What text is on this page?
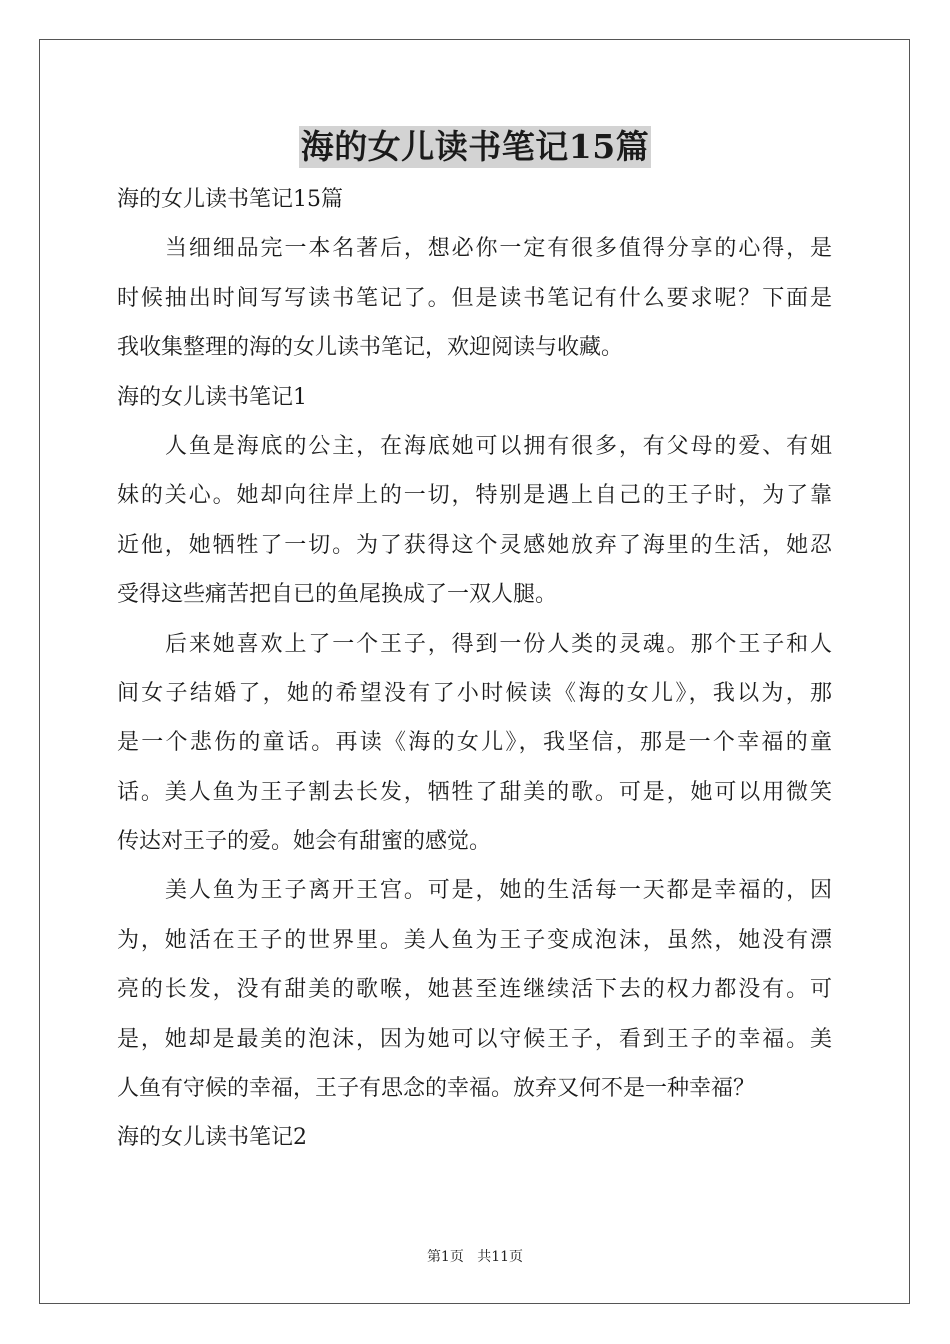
海的女儿读书笔记15篇
海的女儿读书笔记15篇
当细细品完一本名著后，想必你一定有很多值得分享的心得，是
时候抽出时间写写读书笔记了。但是读书笔记有什么要求呢？下面是
我收集整理的海的女儿读书笔记，欢迎阅读与收藏。
海的女儿读书笔记1
人鱼是海底的公主，在海底她可以拥有很多，有父母的爱、有姐
妹的关心。她却向往岸上的一切，特别是遇上自己的王子时，为了靠
近他，她牺牲了一切。为了获得这个灵感她放弃了海里的生活，她忍
受得这些痛苦把自已的鱼尾换成了一双人腿。
后来她喜欢上了一个王子，得到一份人类的灵魂。那个王子和人
间女子结婚了，她的希望没有了小时候读《海的女儿》，我以为，那
是一个悲伤的童话。再读《海的女儿》，我坚信，那是一个幸福的童
话。美人鱼为王子割去长发，牺牲了甜美的歌。可是，她可以用微笑
传达对王子的爱。她会有甜蜜的感觉。
美人鱼为王子离开王宫。可是，她的生活每一天都是幸福的，因
为，她活在王子的世界里。美人鱼为王子变成泡沫，虽然，她没有漂
亮的长发，没有甜美的歌喉，她甚至连继续活下去的权力都没有。可
是，她却是最美的泡沫，因为她可以守候王子，看到王子的幸福。美
人鱼有守候的幸福，王子有思念的幸福。放弃又何不是一种幸福？
海的女儿读书笔记2
第1页 共11页
